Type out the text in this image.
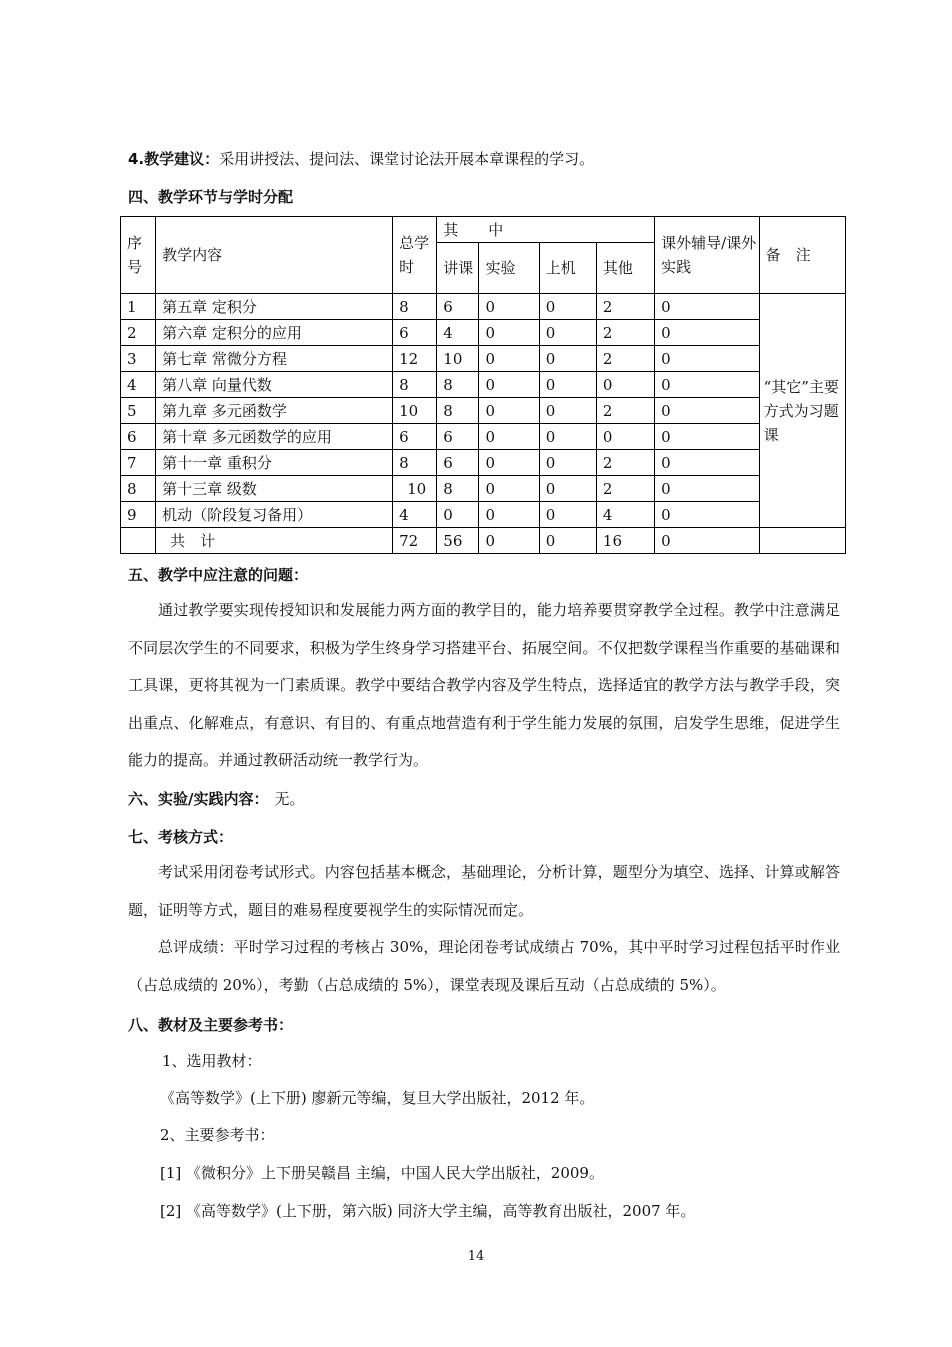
4.教学建议：采用讲授法、提问法、课堂讨论法开展本章课程的学习。
四、教学环节与学时分配
序号	教学内容	总学时	其　　中				课外辅导/课外实践	备　注
			讲课	实验	上机	其他		
1	第五章 定积分	8	6	0	0	2	0	“其它”主要方式为习题课
2	第六章 定积分的应用	6	4	0	0	2	0	
3	第七章 常微分方程	12	10	0	0	2	0	
4	第八章 向量代数	8	8	0	0	0	0	
5	第九章 多元函数学	10	8	0	0	2	0	
6	第十章 多元函数学的应用	6	6	0	0	0	0	
7	第十一章 重积分	8	6	0	0	2	0	
8	第十三章 级数	10	8	0	0	2	0	
9	机动（阶段复习备用）	4	0	0	0	4	0	
	共　计	72	56	0	0	16	0	
五、教学中应注意的问题：

通过教学要实现传授知识和发展能力两方面的教学目的，能力培养要贯穿教学全过程。教学中注意满足不同层次学生的不同要求，积极为学生终身学习搭建平台、拓展空间。不仅把数学课程当作重要的基础课和工具课，更将其视为一门素质课。教学中要结合教学内容及学生特点，选择适宜的教学方法与教学手段，突出重点、化解难点，有意识、有目的、有重点地营造有利于学生能力发展的氛围，启发学生思维，促进学生能力的提高。并通过教研活动统一教学行为。

六、实验/实践内容： 无。
七、考核方式：

考试采用闭卷考试形式。内容包括基本概念，基础理论，分析计算，题型分为填空、选择、计算或解答题，证明等方式，题目的难易程度要视学生的实际情况而定。

总评成绩：平时学习过程的考核占 30%，理论闭卷考试成绩占 70%，其中平时学习过程包括平时作业（占总成绩的 20%），考勤（占总成绩的 5%），课堂表现及课后互动（占总成绩的 5%）。

八、教材及主要参考书：
1、选用教材：
《高等数学》(上下册) 廖新元等编，复旦大学出版社，2012 年。
2、主要参考书：
[1] 《微积分》上下册吴赣昌 主编，中国人民大学出版社，2009。
[2] 《高等数学》(上下册，第六版) 同济大学主编，高等教育出版社，2007 年。
14
